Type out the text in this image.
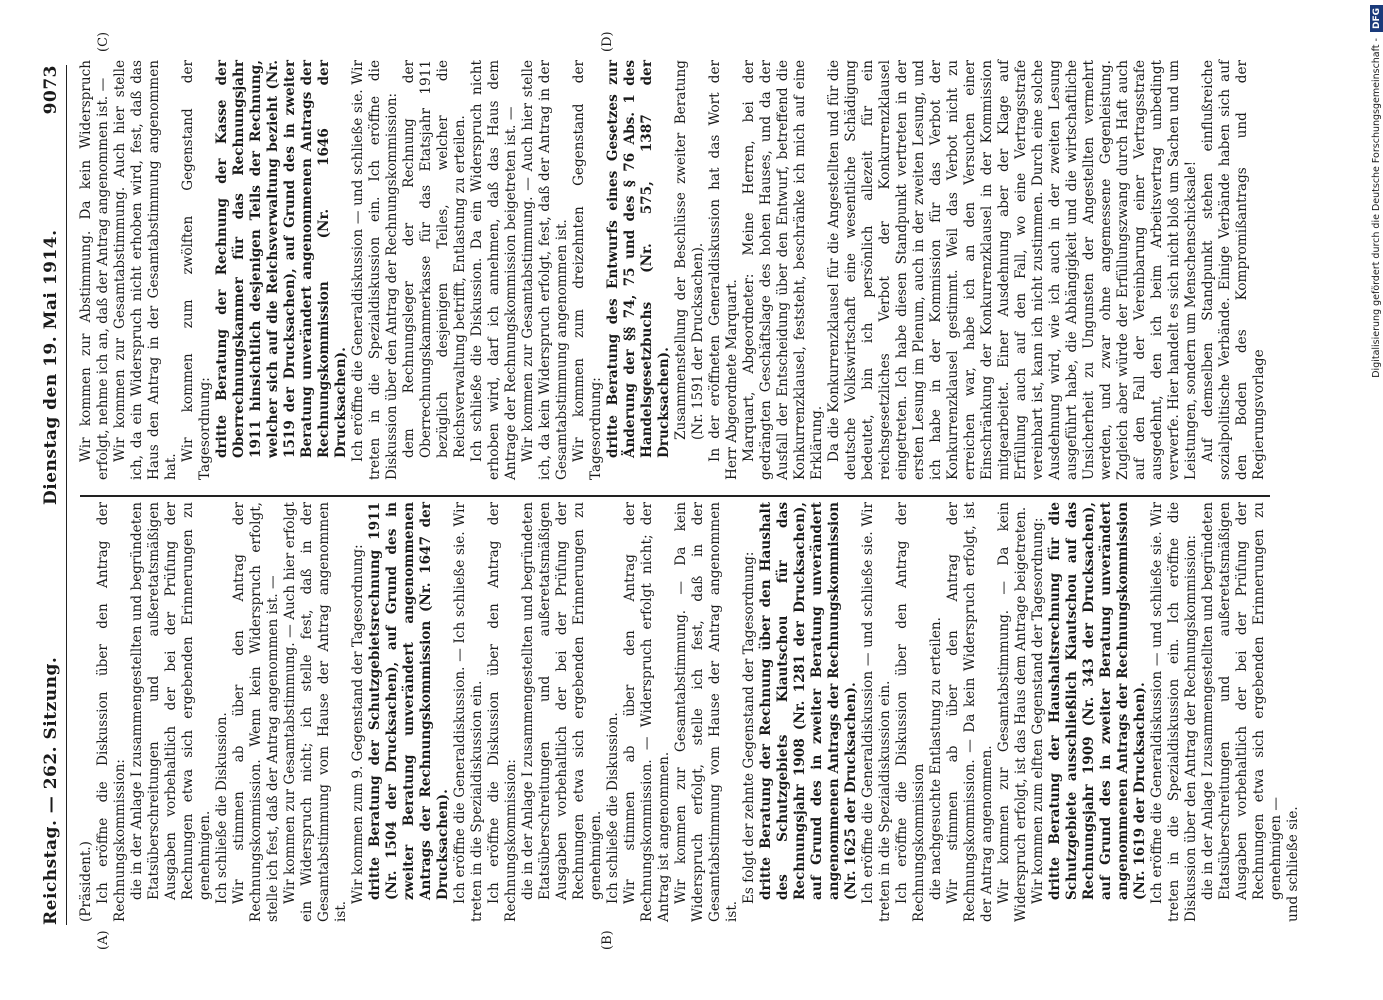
Reichstag. — 262. Sitzung.
Dienstag den 19. Mai 1914.
9073
(A)	(B)
(C)	(D)

(Präsident.) Ich eröffne die Diskussion über den Antrag der Rechnungskommission: die in der Anlage I zusammengestellten und begründeten Etatsüberschreitungen und außeretatsmäßigen Ausgaben vorbehaltlich der bei der Prüfung der Rechnungen etwa sich ergebenden Erinnerungen zu genehmigen. Ich schließe die Diskussion. Wir stimmen ab über den Antrag der Rechnungskommission. Wenn kein Widerspruch erfolgt, stelle ich fest, daß der Antrag angenommen ist. — Wir kommen zur Gesamtabstimmung. — Auch hier erfolgt ein Widerspruch nicht; ich stelle fest, daß in der Gesamtabstimmung vom Hause der Antrag angenommen ist.

Wir kommen zum 9. Gegenstand der Tagesordnung: dritte Beratung der Schutzgebietsrechnung 1911 (Nr. 1504 der Drucksachen), auf Grund des in zweiter Beratung unverändert angenommenen Antrags der Rechnungskommission (Nr. 1647 der Drucksachen). Ich eröffne die Generaldiskussion. — Ich schließe sie. Wir treten in die Spezialdiskussion ein. Ich eröffne die Diskussion über den Antrag der Rechnungskommission: die in der Anlage I zusammengestellten und begründeten Etatsüberschreitungen und außeretatsmäßigen Ausgaben vorbehaltlich der bei der Prüfung der Rechnungen etwa sich ergebenden Erinnerungen zu genehmigen. Ich schließe die Diskussion. Wir stimmen ab über den Antrag der Rechnungskommission. — Widerspruch erfolgt nicht; der Antrag ist angenommen. Wir kommen zur Gesamtabstimmung. — Da kein Widerspruch erfolgt, stelle ich fest, daß in der Gesamtabstimmung vom Hause der Antrag angenommen ist.

Es folgt der zehnte Gegenstand der Tagesordnung: dritte Beratung der Rechnung über den Haushalt des Schutzgebiets Kiautschou für das Rechnungsjahr 1908 (Nr. 1281 der Drucksachen), auf Grund des in zweiter Beratung unverändert angenommenen Antrags der Rechnungskommission (Nr. 1625 der Drucksachen). Ich eröffne die Generaldiskussion — und schließe sie. Wir treten in die Spezialdiskussion ein. Ich eröffne die Diskussion über den Antrag der Rechnungskommission die nachgesuchte Entlastung zu erteilen. Wir stimmen ab über den Antrag der Rechnungskommission. — Da kein Widerspruch erfolgt, ist der Antrag angenommen. Wir kommen zur Gesamtabstimmung. — Da kein Widerspruch erfolgt, ist das Haus dem Antrage beigetreten. Wir kommen zum elften Gegenstand der Tagesordnung: dritte Beratung der Haushaltsrechnung für die Schutzgebiete ausschließlich Kiautschou auf das Rechnungsjahr 1909 (Nr. 343 der Drucksachen), auf Grund des in zweiter Beratung unverändert angenommenen Antrags der Rechnungskommission (Nr. 1619 der Drucksachen). Ich eröffne die Generaldiskussion — und schließe sie. Wir treten in die Spezialdiskussion ein. Ich eröffne die Diskussion über den Antrag der Rechnungskommission: die in der Anlage I zusammengestellten und begründeten Etatsüberschreitungen und außeretatsmäßigen Ausgaben vorbehaltlich der bei der Prüfung der Rechnungen etwa sich ergebenden Erinnerungen zu genehmigen — und schließe sie.

Wir kommen zur Abstimmung. Da kein Widerspruch erfolgt, nehme ich an, daß der Antrag angenommen ist. — Wir kommen zur Gesamtabstimmung. Auch hier stelle ich, da ein Widerspruch nicht erhoben wird, fest, daß das Haus den Antrag in der Gesamtabstimmung angenommen hat.

Wir kommen zum zwölften Gegenstand der Tagesordnung: dritte Beratung der Rechnung der Kasse der Oberrechnungskammer für das Rechnungsjahr 1911 hinsichtlich desjenigen Teils der Rechnung, welcher sich auf die Reichsverwaltung bezieht (Nr. 1519 der Drucksachen), auf Grund des in zweiter Beratung unverändert angenommenen Antrags der Rechnungskommission (Nr. 1646 der Drucksachen). Ich eröffne die Generaldiskussion — und schließe sie. Wir treten in die Spezialdiskussion ein. Ich eröffne die Diskussion über den Antrag der Rechnungskommission: dem Rechnungsleger der Rechnung der Oberrechnungskammerkasse für das Etatsjahr 1911 bezüglich desjenigen Teiles, welcher die Reichsverwaltung betrifft, Entlastung zu erteilen. Ich schließe die Diskussion. Da ein Widerspruch nicht erhoben wird, darf ich annehmen, daß das Haus dem Antrage der Rechnungskommission beigetreten ist. — Wir kommen zur Gesamtabstimmung. — Auch hier stelle ich, da kein Widerspruch erfolgt, fest, daß der Antrag in der Gesamtabstimmung angenommen ist. Wir kommen zum dreizehnten Gegenstand der Tagesordnung: dritte Beratung des Entwurfs eines Gesetzes zur Änderung der §§ 74, 75 und des § 76 Abs. 1 des Handelsgesetzbuchs (Nr. 575, 1387 der Drucksachen). Zusammenstellung der Beschlüsse zweiter Beratung (Nr. 1591 der Drucksachen). In der eröffneten Generaldiskussion hat das Wort der Herr Abgeordnete Marquart. Marquart, Abgeordneter: Meine Herren, bei der gedrängten Geschäftslage des hohen Hauses, und da der Ausfall der Entscheidung über den Entwurf, betreffend die Konkurrenzklausel, feststeht, beschränke ich mich auf eine Erklärung. Da die Konkurrenzklausel für die Angestellten und für die deutsche Volkswirtschaft eine wesentliche Schädigung bedeutet, bin ich persönlich allezeit für ein reichsgesetzliches Verbot der Konkurrenzklausel eingetreten. Ich habe diesen Standpunkt vertreten in der ersten Lesung im Plenum, auch in der zweiten Lesung, und ich habe in der Kommission für das Verbot der Konkurrenzklausel gestimmt. Weil das Verbot nicht zu erreichen war, habe ich an den Versuchen einer Einschränkung der Konkurrenzklausel in der Kommission mitgearbeitet. Einer Ausdehnung aber der Klage auf Erfüllung auch auf den Fall, wo eine Vertragsstrafe vereinbart ist, kann ich nicht zustimmen. Durch eine solche Ausdehnung wird, wie ich auch in der zweiten Lesung ausgeführt habe, die Abhängigkeit und die wirtschaftliche Unsicherheit zu Ungunsten der Angestellten vermehrt werden, und zwar ohne angemessene Gegenleistung. Zugleich aber würde der Erfüllungszwang durch Haft auch auf den Fall der Vereinbarung einer Vertragsstrafe ausgedehnt, den ich beim Arbeitsvertrag unbedingt verwerfe. Hier handelt es sich nicht bloß um Sachen und um Leistungen, sondern um Menschenschicksale! Auf demselben Standpunkt stehen einflußreiche sozialpolitische Verbände. Einige Verbände haben sich auf den Boden des Kompromißantrags und der Regierungsvorlage

Digitalisierung gefördert durch die Deutsche Forschungsgemeinschaft -DFG
